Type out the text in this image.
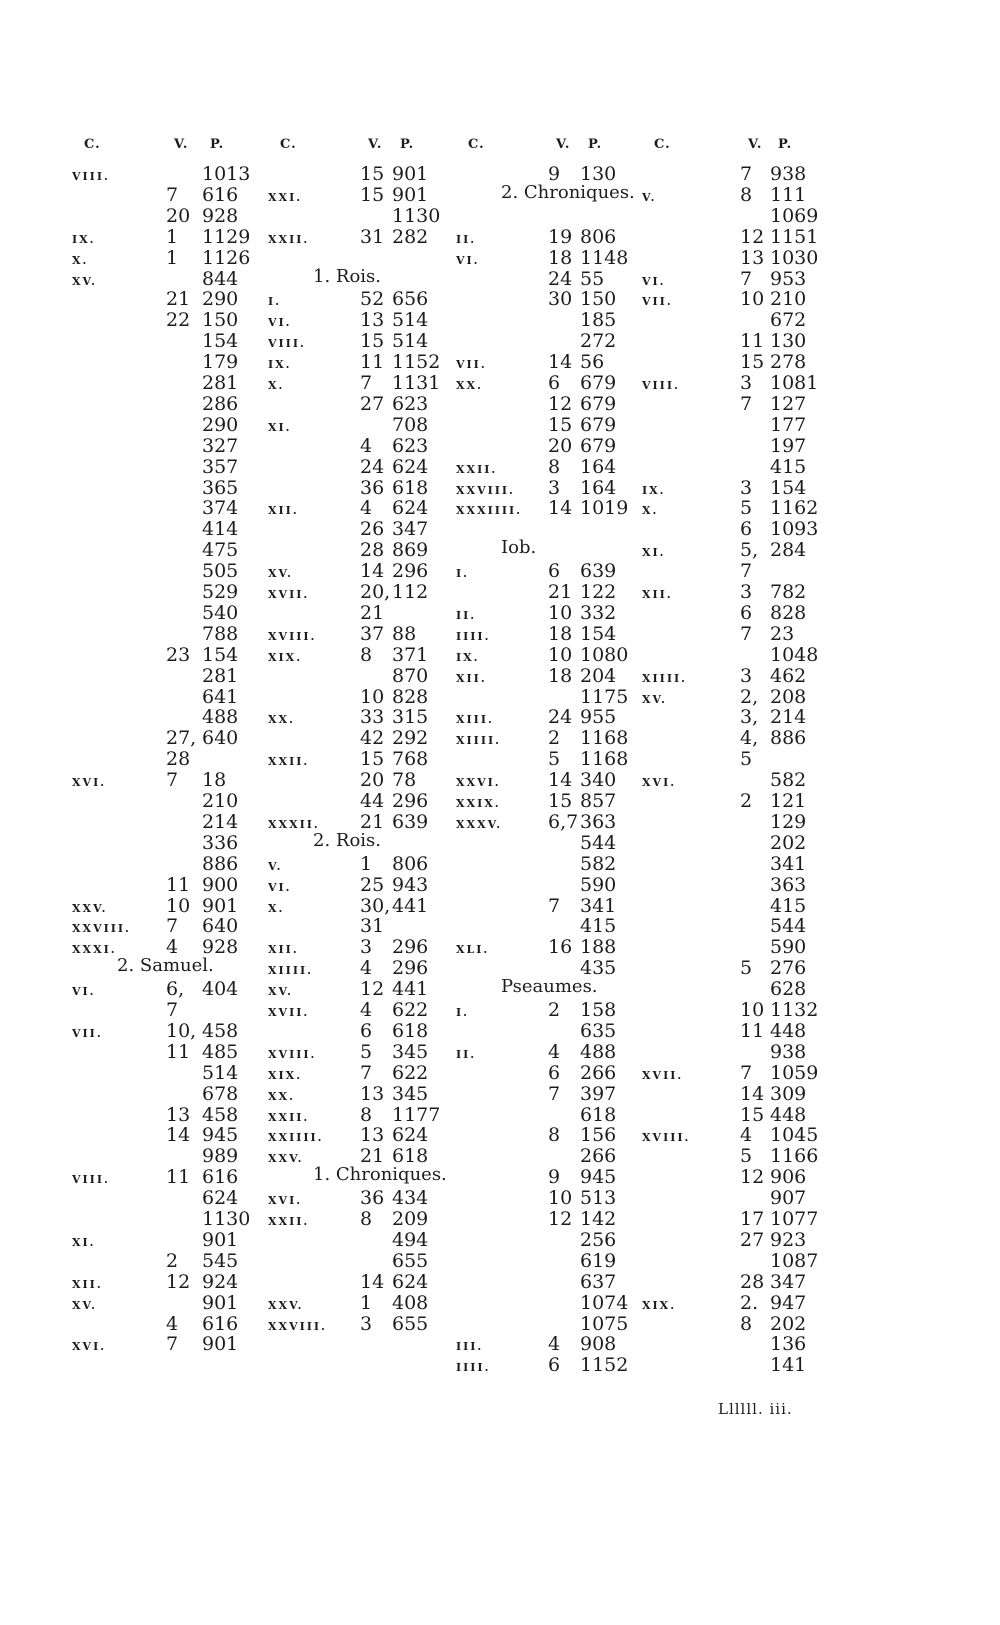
C.	V. P.	C.	V. P.	C.	V. P.	C.	V. P.
VIII.	1013
7 616
20 928
IX.	1 1129
X.	1 1126
XV.	844
21 290
22 150
154
179
281
286
290
327
357
365
374
414
475
505
529
540
788
23 154
281
641
488
27, 640
28
XVI.	7 18
210
214
336
886
11 900
XXV.	10 901
XXVIII. 7 640
XXXI.	4 928
2. Samuel.
VI.	6, 404
7
VII.	10, 458
11 485
514
678
13 458
14 945
989
VIII.	11 616
624
1130
XI.	901
2 545
XII.	12 924
XV.	901
4 616
XVI.	7 901
15 901
XXI.	15 901
1130
XXII.	31 282
1. Rois.
I.	52 656
VI.	13 514
VIII.	15 514
IX.	11 1152
X.	7 1131
27 623
XI.	708
4 623
24 624
36 618
XII.	4 624
26 347
28 869
XV.	14 296
XVII.	20, 112
21
XVIII. 37 88
XIX.	8 371
870
10 828
XX.	33 315
42 292
XXII.	15 768
20 78
44 296
XXXII. 21 639
2. Rois.
V.	1 806
VI.	25 943
X.	30, 441
31
XII.	3 296
XIIII. 4 296
XV.	12 441
XVII.	4 622
6 618
XVIII. 5 345
XIX.	7 622
XX.	13 345
XXII.	8 1177
XXIIII. 13 624
XXV.	21 618
1. Chroniques.
XVI.	36 434
XXII.	8 209
494
655
14 624
XXV.	1 408
XXVIII. 3 655
9 130
2. Chroniques.
II.	19 806
VI.	18 1148
24 55
30 150
185
272
VII.	14 56
XX.	6 679
12 679
15 679
20 679
XXII.	8 164
XXVIII. 3 164
XXXIIII. 14 1019
Iob.
I.	6 639
21 122
II.	10 332
IIII.	18 154
IX.	10 1080
XII.	18 204
1175
XIII.	24 955
XIIII. 2 1168
5 1168
XXVI. 14 340
XXIX. 15 857
XXXV. 6,7 363
544
582
590
7 341
415
XLI.	16 188
435
Pseaumes.
I.	2 158
635
II.	4 488
6 266
7 397
618
8 156
266
9 945
10 513
12 142
256
619
637
1074
1075
III.	4 908
IIII.	6 1152
7 938
V.	8 111
1069
12 1151
13 1030
VI.	7 953
VII.	10 210
672
11 130
15 278
VIII.	3 1081
7 127
177
197
415
IX.	3 154
X.	5 1162
6 1093
XI.	5, 284
7
XII.	3 782
6 828
7 23
1048
XIIII.	3 462
XV.	2, 208
3, 214
4, 886
5
XVI.	582
2 121
129
202
341
363
415
544
590
5 276
628
10 1132
11 448
938
XVII.	7 1059
14 309
15 448
XVIII.	4 1045
5 1166
12 906
907
17 1077
27 923
1087
28 347
XIX.	2. 947
8 202
136
141
Llllll. iii.
